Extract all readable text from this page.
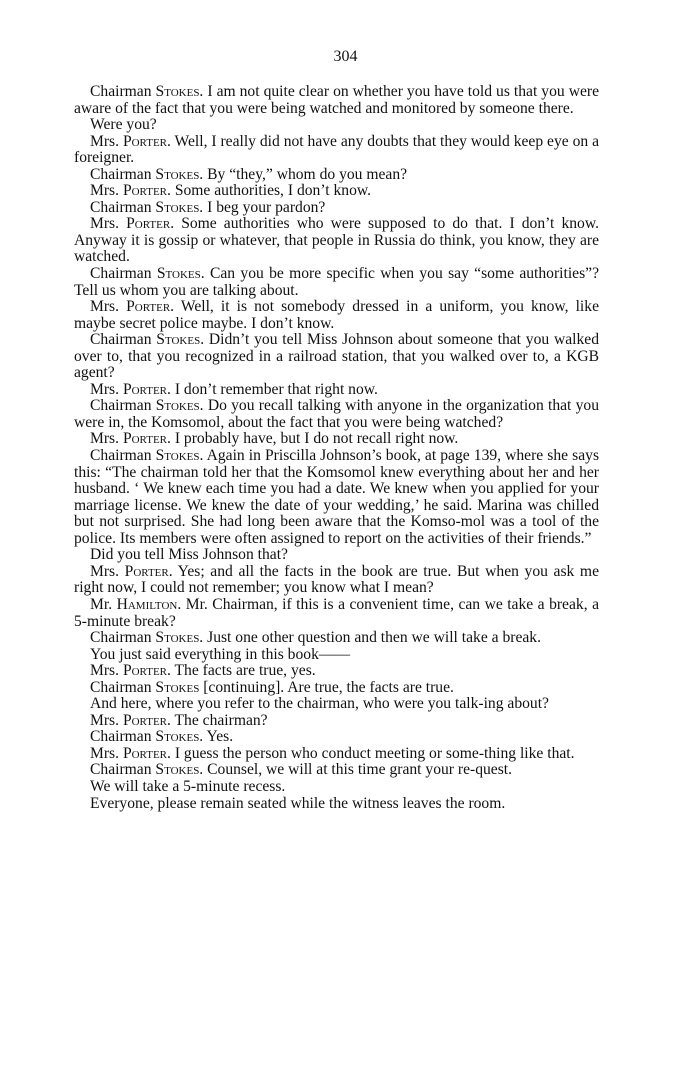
304

Chairman Stokes. I am not quite clear on whether you have told us that you were aware of the fact that you were being watched and monitored by someone there.

Were you?

Mrs. Porter. Well, I really did not have any doubts that they would keep eye on a foreigner.

Chairman Stokes. By “they,” whom do you mean?

Mrs. Porter. Some authorities, I don’t know.

Chairman Stokes. I beg your pardon?

Mrs. Porter. Some authorities who were supposed to do that. I don’t know. Anyway it is gossip or whatever, that people in Russia do think, you know, they are watched.

Chairman Stokes. Can you be more specific when you say “some authorities”? Tell us whom you are talking about.

Mrs. Porter. Well, it is not somebody dressed in a uniform, you know, like maybe secret police maybe. I don’t know.

Chairman Stokes. Didn’t you tell Miss Johnson about someone that you walked over to, that you recognized in a railroad station, that you walked over to, a KGB agent?

Mrs. Porter. I don’t remember that right now.

Chairman Stokes. Do you recall talking with anyone in the organization that you were in, the Komsomol, about the fact that you were being watched?

Mrs. Porter. I probably have, but I do not recall right now.

Chairman Stokes. Again in Priscilla Johnson’s book, at page 139, where she says this: “The chairman told her that the Komsomol knew everything about her and her husband. ‘ We knew each time you had a date. We knew when you applied for your marriage license. We knew the date of your wedding,’ he said. Marina was chilled but not surprised. She had long been aware that the Komso-mol was a tool of the police. Its members were often assigned to report on the activities of their friends.”

Did you tell Miss Johnson that?

Mrs. Porter. Yes; and all the facts in the book are true. But when you ask me right now, I could not remember; you know what I mean?

Mr. Hamilton. Mr. Chairman, if this is a convenient time, can we take a break, a 5-minute break?

Chairman Stokes. Just one other question and then we will take a break.

You just said everything in this book——

Mrs. Porter. The facts are true, yes.

Chairman Stokes [continuing]. Are true, the facts are true.

And here, where you refer to the chairman, who were you talk-ing about?

Mrs. Porter. The chairman?

Chairman Stokes. Yes.

Mrs. Porter. I guess the person who conduct meeting or some-thing like that.

Chairman Stokes. Counsel, we will at this time grant your re-quest.

We will take a 5-minute recess.

Everyone, please remain seated while the witness leaves the room.
